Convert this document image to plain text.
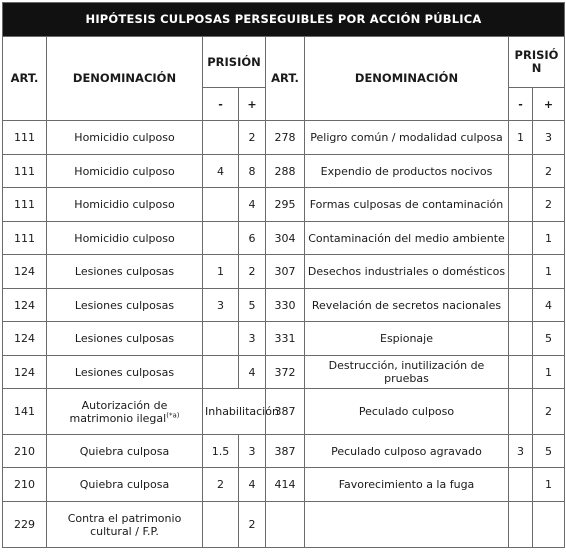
HIPÓTESIS CULPOSAS PERSEGUIBLES POR ACCIÓN PÚBLICA							
ART.	DENOMINACIÓN	PRISIÓN		ART.	DENOMINACIÓN	PRISIÓ N	
		-	+			-	+
111	Homicidio culposo		2	278	Peligro común / modalidad culposa	1	3
111	Homicidio culposo	4	8	288	Expendio de productos nocivos		2
111	Homicidio culposo		4	295	Formas culposas de contaminación		2
111	Homicidio culposo		6	304	Contaminación del medio ambiente		1
124	Lesiones culposas	1	2	307	Desechos industriales o domésticos		1
124	Lesiones culposas	3	5	330	Revelación de secretos nacionales		4
124	Lesiones culposas		3	331	Espionaje		5
124	Lesiones culposas		4	372	Destrucción, inutilización de pruebas		1
141	Autorización de matrimonio ilegal$^{(*a)}$	Inhabilitación		387	Peculado culposo		2
210	Quiebra culposa	1.5	3	387	Peculado culposo agravado	3	5
210	Quiebra culposa	2	4	414	Favorecimiento a la fuga		1
229	Contra el patrimonio cultural / F.P.		2				
